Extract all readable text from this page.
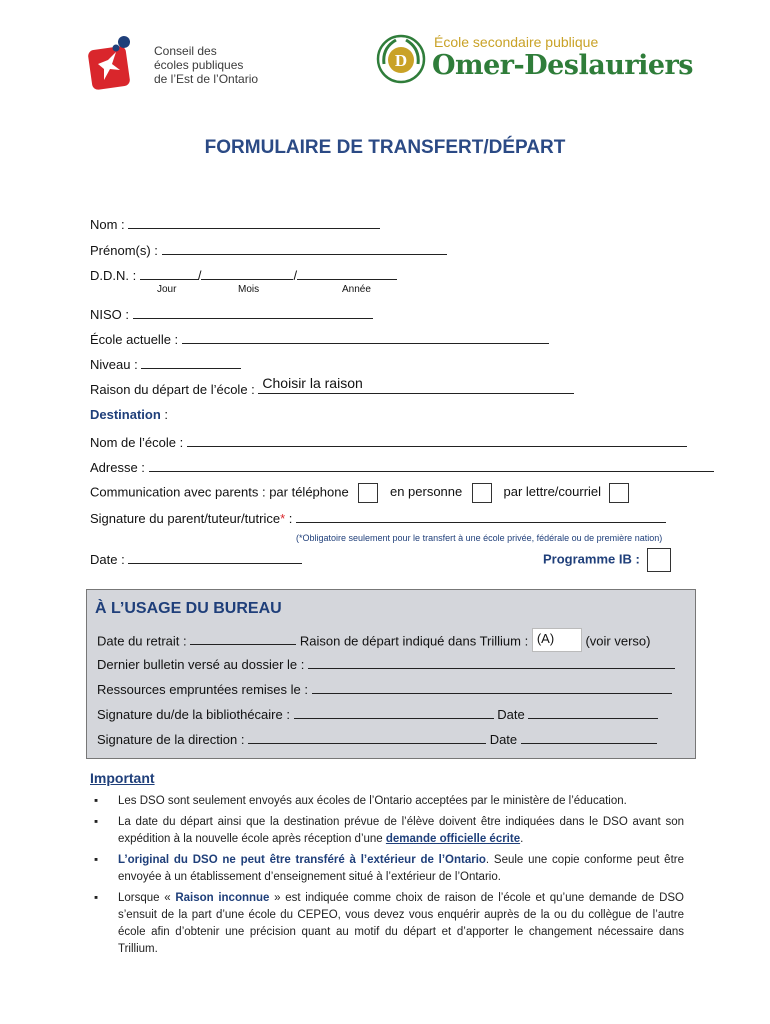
Conseil des
écoles publiques
de l’Est de l’Ontario
D
École secondaire publique
Omer-Deslauriers
FORMULAIRE DE TRANSFERT/DÉPART
Nom :
Prénom(s) :
D.D.N. :	/	/
Jour	Mois	Année
NISO :
École actuelle :
Niveau :
Raison du départ de l’école : Choisir la raison
Destination :
Nom de l’école :
Adresse :
Communication avec parents : par téléphone	en personne	par lettre/courriel
Signature du parent/tuteur/tutrice* :
(*Obligatoire seulement pour le transfert à une école privée, fédérale ou de première nation)
Date :	Programme IB :
À L’USAGE DU BUREAU
Date du retrait :	Raison de départ indiqué dans Trillium : (A) (voir verso)
Dernier bulletin versé au dossier le :
Ressources empruntées remises le :
Signature du/de la bibliothécaire :	Date
Signature de la direction :	Date
Important
▪ Les DSO sont seulement envoyés aux écoles de l’Ontario acceptées par le ministère de l’éducation.
▪ La date du départ ainsi que la destination prévue de l’élève doivent être indiquées dans le DSO avant son expédition à la nouvelle école après réception d’une demande officielle écrite.
▪ L’original du DSO ne peut être transféré à l’extérieur de l’Ontario. Seule une copie conforme peut être envoyée à un établissement d’enseignement situé à l’extérieur de l’Ontario.
▪ Lorsque « Raison inconnue » est indiquée comme choix de raison de l’école et qu’une demande de DSO s’ensuit de la part d’une école du CEPEO, vous devez vous enquérir auprès de la ou du collègue de l’autre école afin d’obtenir une précision quant au motif du départ et d’apporter le changement nécessaire dans Trillium.
